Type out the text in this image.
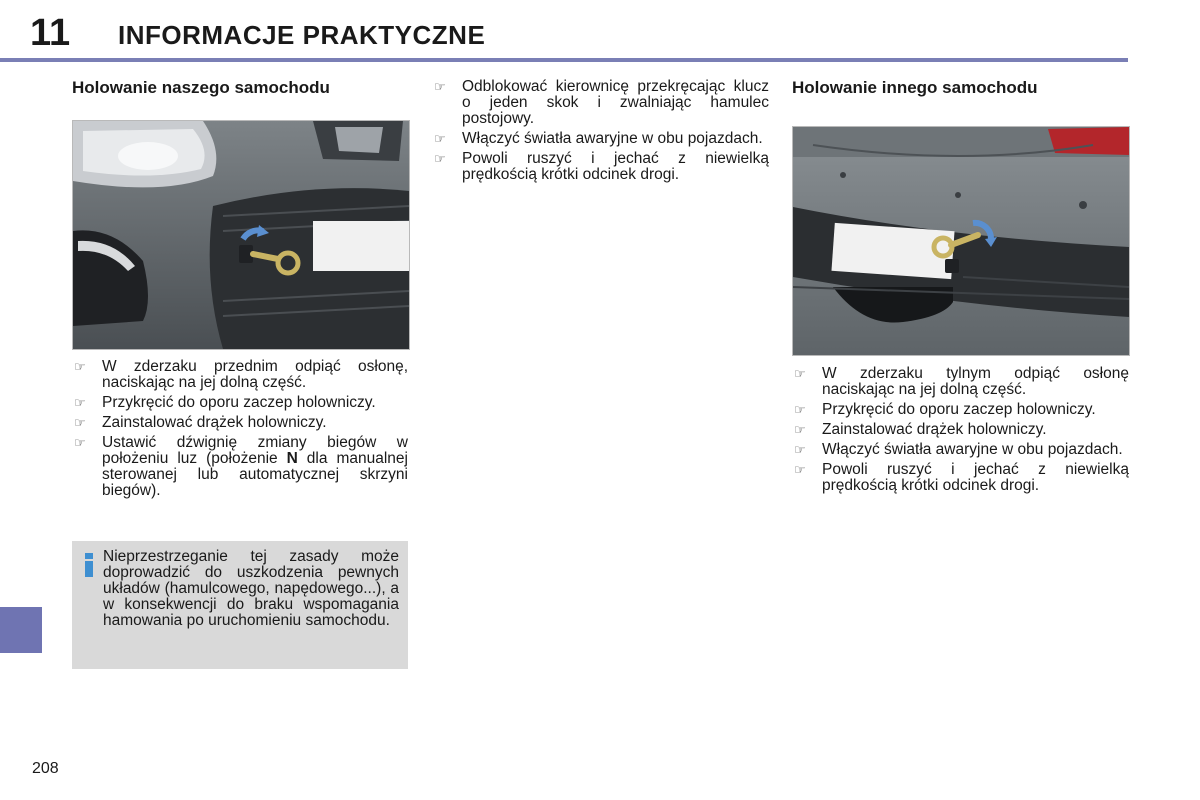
11 INFORMACJE PRAKTYCZNE
Holowanie naszego samochodu
☞ W zderzaku przednim odpiąć osłonę, naciskając na jej dolną część.
☞ Przykręcić do oporu zaczep holowniczy.
☞ Zainstalować drążek holowniczy.
☞ Ustawić dźwignię zmiany biegów w położeniu luz (położenie N dla manualnej sterowanej lub automatycznej skrzyni biegów).
Nieprzestrzeganie tej zasady może doprowadzić do uszkodzenia pewnych układów (hamulcowego, napędowego...), a w konsekwencji do braku wspomagania hamowania po uruchomieniu samochodu.
☞ Odblokować kierownicę przekręcając klucz o jeden skok i zwalniając hamulec postojowy.
☞ Włączyć światła awaryjne w obu pojazdach.
☞ Powoli ruszyć i jechać z niewielką prędkością krótki odcinek drogi.
Holowanie innego samochodu
☞ W zderzaku tylnym odpiąć osłonę naciskając na jej dolną część.
☞ Przykręcić do oporu zaczep holowniczy.
☞ Zainstalować drążek holowniczy.
☞ Włączyć światła awaryjne w obu pojazdach.
☞ Powoli ruszyć i jechać z niewielką prędkością krótki odcinek drogi.
208
